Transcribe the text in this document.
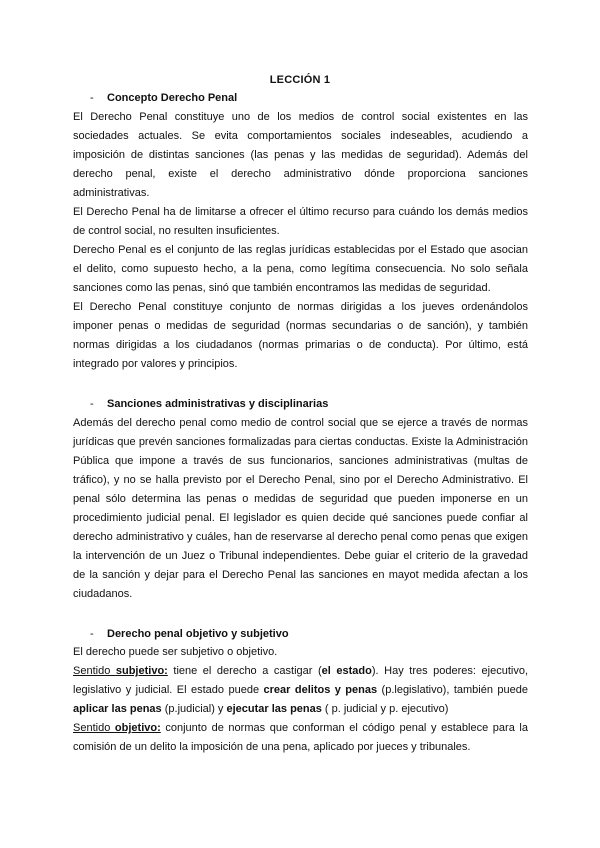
LECCIÓN 1
- Concepto Derecho Penal

El Derecho Penal constituye uno de los medios de control social existentes en las sociedades actuales. Se evita comportamientos sociales indeseables, acudiendo a imposición de distintas sanciones (las penas y las medidas de seguridad). Además del derecho penal, existe el derecho administrativo dónde proporciona sanciones administrativas.

El Derecho Penal ha de limitarse a ofrecer el último recurso para cuándo los demás medios de control social, no resulten insuficientes.

Derecho Penal es el conjunto de las reglas jurídicas establecidas por el Estado que asocian el delito, como supuesto hecho, a la pena, como legítima consecuencia. No solo señala sanciones como las penas, sinó que también encontramos las medidas de seguridad.

El Derecho Penal constituye conjunto de normas dirigidas a los jueves ordenándolos imponer penas o medidas de seguridad (normas secundarias o de sanción), y también normas dirigidas a los ciudadanos (normas primarias o de conducta). Por último, está integrado por valores y principios.

- Sanciones administrativas y disciplinarias

Además del derecho penal como medio de control social que se ejerce a través de normas jurídicas que prevén sanciones formalizadas para ciertas conductas. Existe la Administración Pública que impone a través de sus funcionarios, sanciones administrativas (multas de tráfico), y no se halla previsto por el Derecho Penal, sino por el Derecho Administrativo. El penal sólo determina las penas o medidas de seguridad que pueden imponerse en un procedimiento judicial penal. El legislador es quien decide qué sanciones puede confiar al derecho administrativo y cuáles, han de reservarse al derecho penal como penas que exigen la intervención de un Juez o Tribunal independientes. Debe guiar el criterio de la gravedad de la sanción y dejar para el Derecho Penal las sanciones en mayot medida afectan a los ciudadanos.

- Derecho penal objetivo y subjetivo

El derecho puede ser subjetivo o objetivo.

Sentido subjetivo: tiene el derecho a castigar (el estado). Hay tres poderes: ejecutivo, legislativo y judicial. El estado puede crear delitos y penas (p.legislativo), también puede aplicar las penas (p.judicial) y ejecutar las penas ( p. judicial y p. ejecutivo)

Sentido objetivo: conjunto de normas que conforman el código penal y establece para la comisión de un delito la imposición de una pena, aplicado por jueces y tribunales.
